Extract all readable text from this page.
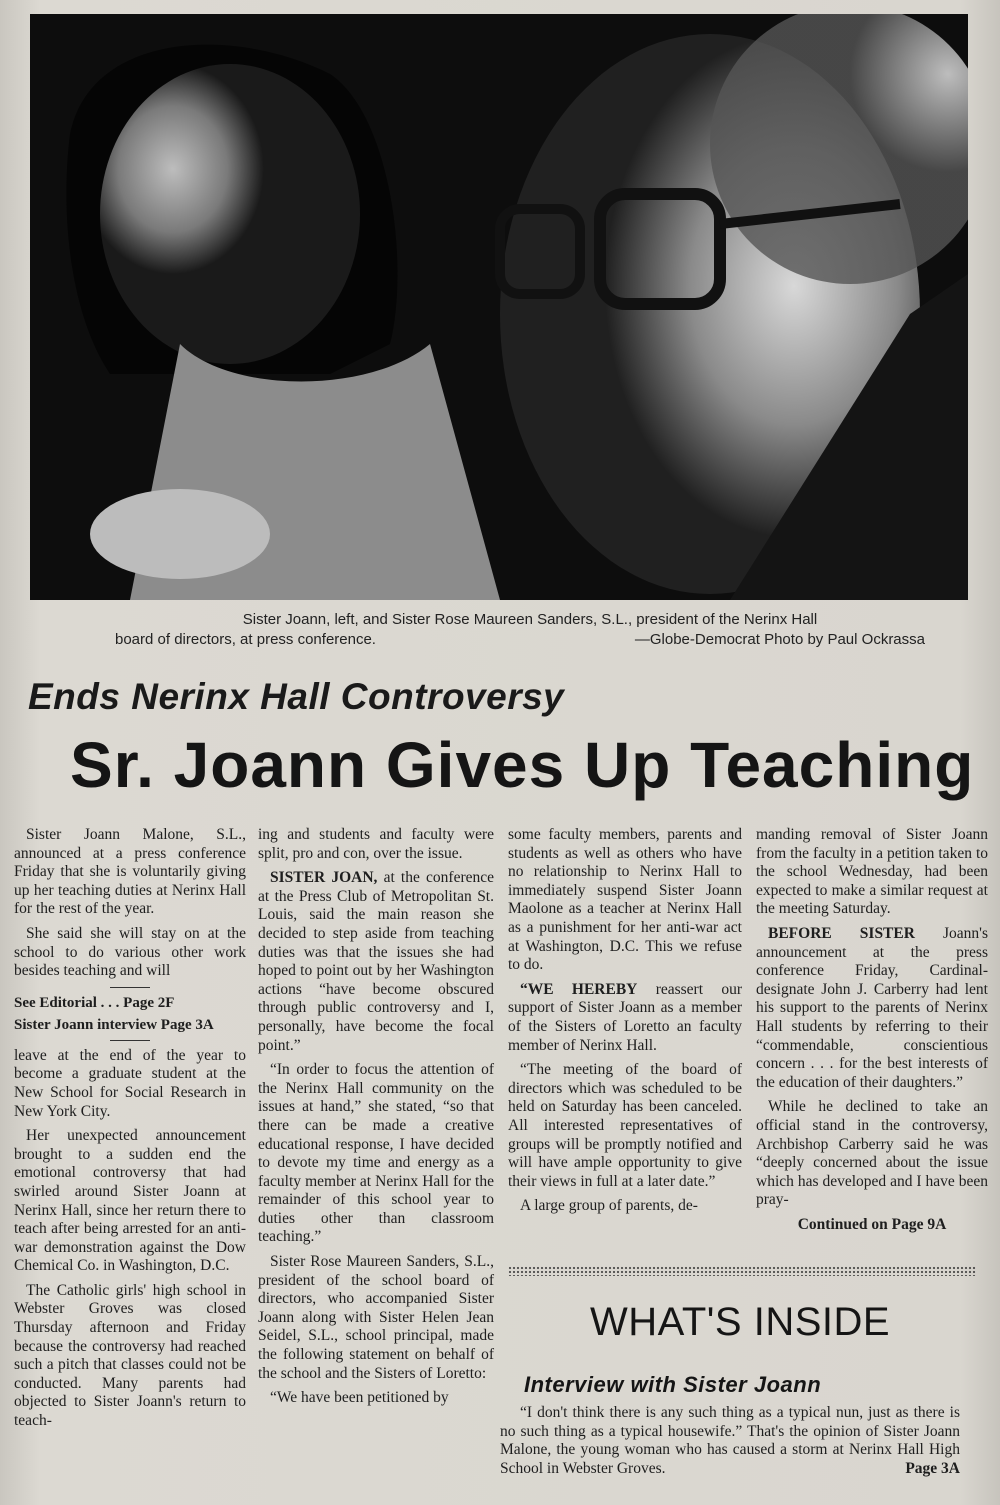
Sister Joann, left, and Sister Rose Maureen Sanders, S.L., president of the Nerinx Hall
board of directors, at press conference.	—Globe-Democrat Photo by Paul Ockrassa
Ends Nerinx Hall Controversy
Sr. Joann Gives Up Teaching

Sister Joann Malone, S.L., announced at a press conference Friday that she is voluntarily giving up her teaching duties at Nerinx Hall for the rest of the year.

She said she will stay on at the school to do various other work besides teaching and will

See Editorial . . . Page 2F
Sister Joann interview Page 3A

leave at the end of the year to become a graduate student at the New School for Social Research in New York City.

Her unexpected announcement brought to a sudden end the emotional controversy that had swirled around Sister Joann at Nerinx Hall, since her return there to teach after being arrested for an anti-war demonstration against the Dow Chemical Co. in Washington, D.C.

The Catholic girls' high school in Webster Groves was closed Thursday afternoon and Friday because the controversy had reached such a pitch that classes could not be conducted. Many parents had objected to Sister Joann's return to teach-

ing and students and faculty were split, pro and con, over the issue.

SISTER JOAN, at the conference at the Press Club of Metropolitan St. Louis, said the main reason she decided to step aside from teaching duties was that the issues she had hoped to point out by her Washington actions “have become obscured through public controversy and I, personally, have become the focal point.”

“In order to focus the attention of the Nerinx Hall community on the issues at hand,” she stated, “so that there can be made a creative educational response, I have decided to devote my time and energy as a faculty member at Nerinx Hall for the remainder of this school year to duties other than classroom teaching.”

Sister Rose Maureen Sanders, S.L., president of the school board of directors, who accompanied Sister Joann along with Sister Helen Jean Seidel, S.L., school principal, made the following statement on behalf of the school and the Sisters of Loretto:

“We have been petitioned by

some faculty members, parents and students as well as others who have no relationship to Nerinx Hall to immediately suspend Sister Joann Maolone as a teacher at Nerinx Hall as a punishment for her anti-war act at Washington, D.C. This we refuse to do.

“WE HEREBY reassert our support of Sister Joann as a member of the Sisters of Loretto an faculty member of Nerinx Hall.

“The meeting of the board of directors which was scheduled to be held on Saturday has been canceled. All interested representatives of groups will be promptly notified and will have ample opportunity to give their views in full at a later date.”

A large group of parents, de-

manding removal of Sister Joann from the faculty in a petition taken to the school Wednesday, had been expected to make a similar request at the meeting Saturday.

BEFORE SISTER Joann's announcement at the press conference Friday, Cardinal-designate John J. Carberry had lent his support to the parents of Nerinx Hall students by referring to their “commendable, conscientious concern . . . for the best interests of the education of their daughters.”

While he declined to take an official stand in the controversy, Archbishop Carberry said he was “deeply concerned about the issue which has developed and I have been pray-

Continued on Page 9A
WHAT'S INSIDE
Interview with Sister Joann
“I don't think there is any such thing as a typical nun, just as there is no such thing as a typical housewife.” That's the opinion of Sister Joann Malone, the young woman who has caused a storm at Nerinx Hall High School in Webster Groves.	Page 3A
